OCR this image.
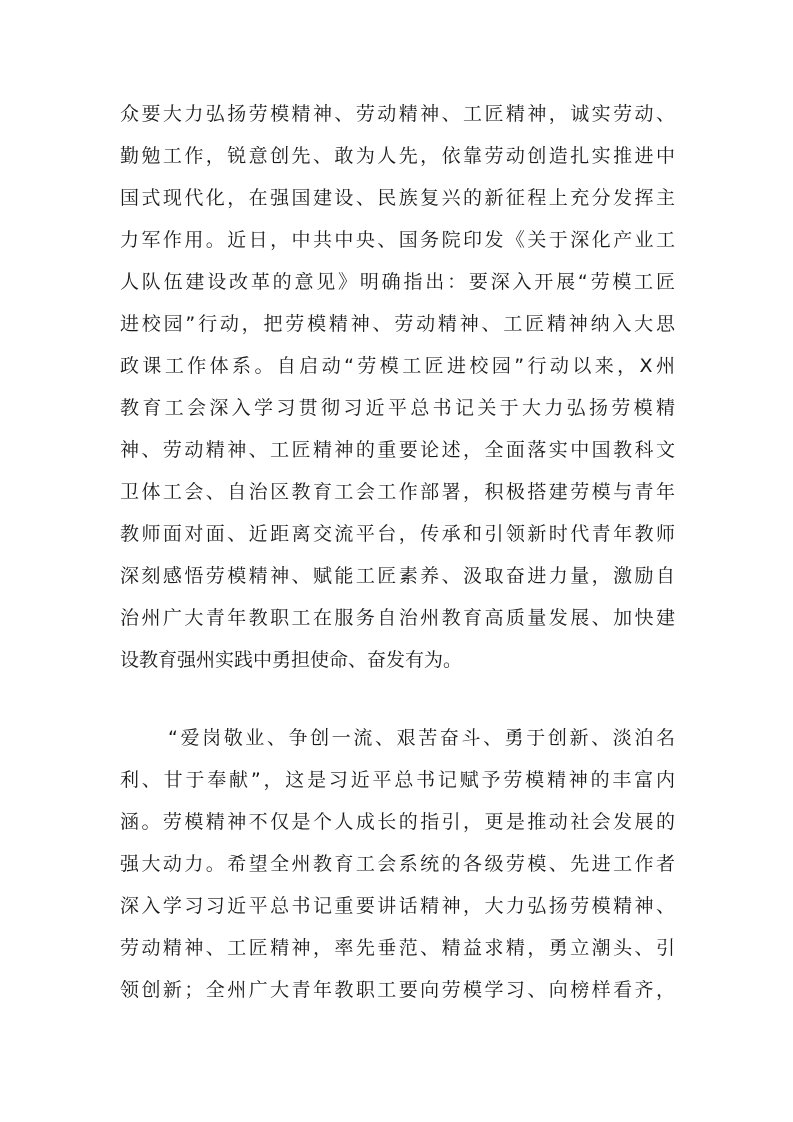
众要大力弘扬劳模精神、劳动精神、工匠精神，诚实劳动、
勤勉工作，锐意创先、敢为人先，依靠劳动创造扎实推进中
国式现代化，在强国建设、民族复兴的新征程上充分发挥主
力军作用。近日，中共中央、国务院印发《关于深化产业工
人队伍建设改革的意见》明确指出：要深入开展“劳模工匠
进校园”行动，把劳模精神、劳动精神、工匠精神纳入大思
政课工作体系。自启动“劳模工匠进校园”行动以来，X州
教育工会深入学习贯彻习近平总书记关于大力弘扬劳模精
神、劳动精神、工匠精神的重要论述，全面落实中国教科文
卫体工会、自治区教育工会工作部署，积极搭建劳模与青年
教师面对面、近距离交流平台，传承和引领新时代青年教师
深刻感悟劳模精神、赋能工匠素养、汲取奋进力量，激励自
治州广大青年教职工在服务自治州教育高质量发展、加快建
设教育强州实践中勇担使命、奋发有为。
“爱岗敬业、争创一流、艰苦奋斗、勇于创新、淡泊名
利、甘于奉献”，这是习近平总书记赋予劳模精神的丰富内
涵。劳模精神不仅是个人成长的指引，更是推动社会发展的
强大动力。希望全州教育工会系统的各级劳模、先进工作者
深入学习习近平总书记重要讲话精神，大力弘扬劳模精神、
劳动精神、工匠精神，率先垂范、精益求精，勇立潮头、引
领创新；全州广大青年教职工要向劳模学习、向榜样看齐，
